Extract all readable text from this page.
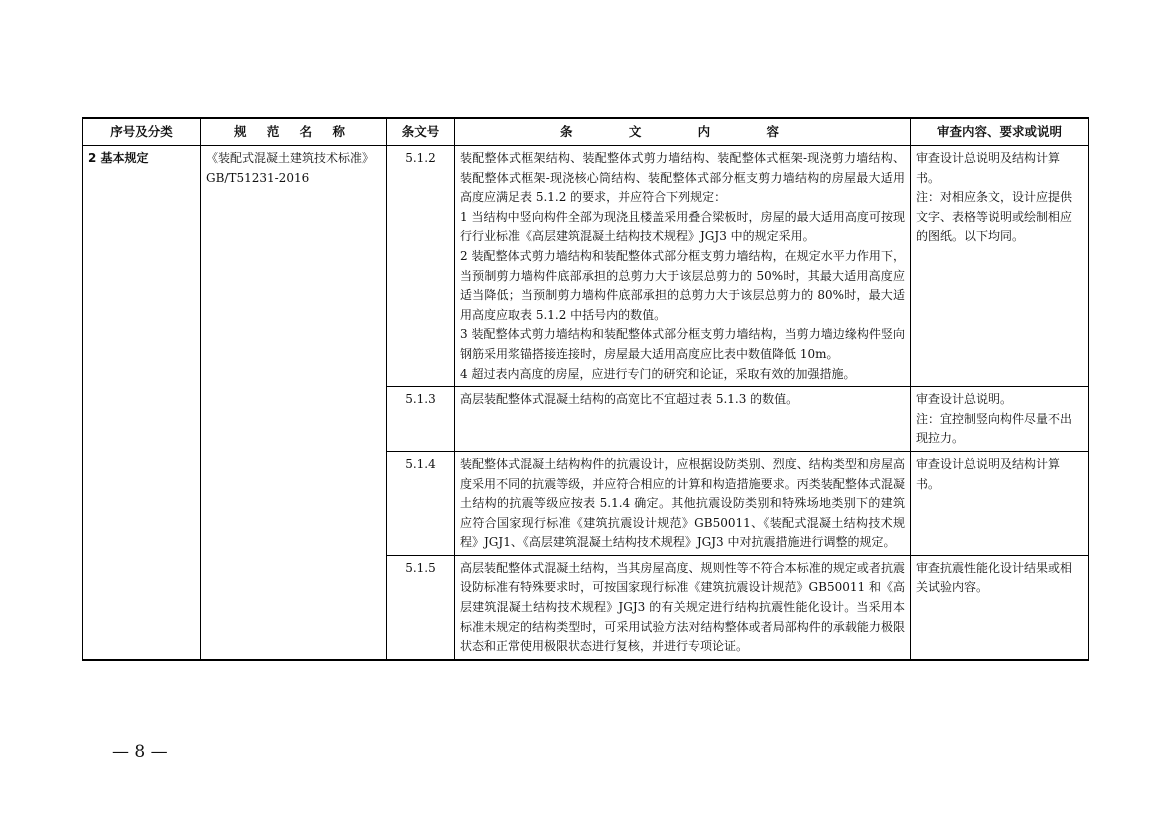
序号及分类	规 范 名 称	条文号	条 文 内 容	审查内容、要求或说明
2 基本规定	《装配式混凝土建筑技术标准》GB/T51231-2016	5.1.2	装配整体式框架结构、装配整体式剪力墙结构、装配整体式框架-现浇剪力墙结构、装配整体式框架-现浇核心筒结构、装配整体式部分框支剪力墙结构的房屋最大适用高度应满足表 5.1.2 的要求，并应符合下列规定：
1 当结构中竖向构件全部为现浇且楼盖采用叠合梁板时，房屋的最大适用高度可按现行行业标准《高层建筑混凝土结构技术规程》JGJ3 中的规定采用。
2 装配整体式剪力墙结构和装配整体式部分框支剪力墙结构，在规定水平力作用下，当预制剪力墙构件底部承担的总剪力大于该层总剪力的 50%时，其最大适用高度应适当降低；当预制剪力墙构件底部承担的总剪力大于该层总剪力的 80%时，最大适用高度应取表 5.1.2 中括号内的数值。
3 装配整体式剪力墙结构和装配整体式部分框支剪力墙结构，当剪力墙边缘构件竖向钢筋采用浆锚搭接连接时，房屋最大适用高度应比表中数值降低 10m。
4 超过表内高度的房屋，应进行专门的研究和论证，采取有效的加强措施。	审查设计总说明及结构计算书。
注：对相应条文，设计应提供文字、表格等说明或绘制相应的图纸。以下均同。

		5.1.3	高层装配整体式混凝土结构的高宽比不宜超过表 5.1.3 的数值。	审查设计总说明。
注：宜控制竖向构件尽量不出现拉力。

		5.1.4	装配整体式混凝土结构构件的抗震设计，应根据设防类别、烈度、结构类型和房屋高度采用不同的抗震等级，并应符合相应的计算和构造措施要求。丙类装配整体式混凝土结构的抗震等级应按表 5.1.4 确定。其他抗震设防类别和特殊场地类别下的建筑应符合国家现行标准《建筑抗震设计规范》GB50011、《装配式混凝土结构技术规程》JGJ1、《高层建筑混凝土结构技术规程》JGJ3 中对抗震措施进行调整的规定。	审查设计总说明及结构计算书。

		5.1.5	高层装配整体式混凝土结构，当其房屋高度、规则性等不符合本标准的规定或者抗震设防标准有特殊要求时，可按国家现行标准《建筑抗震设计规范》GB50011 和《高层建筑混凝土结构技术规程》JGJ3 的有关规定进行结构抗震性能化设计。当采用本标准未规定的结构类型时，可采用试验方法对结构整体或者局部构件的承载能力极限状态和正常使用极限状态进行复核，并进行专项论证。	审查抗震性能化设计结果或相关试验内容。
— 8 —
